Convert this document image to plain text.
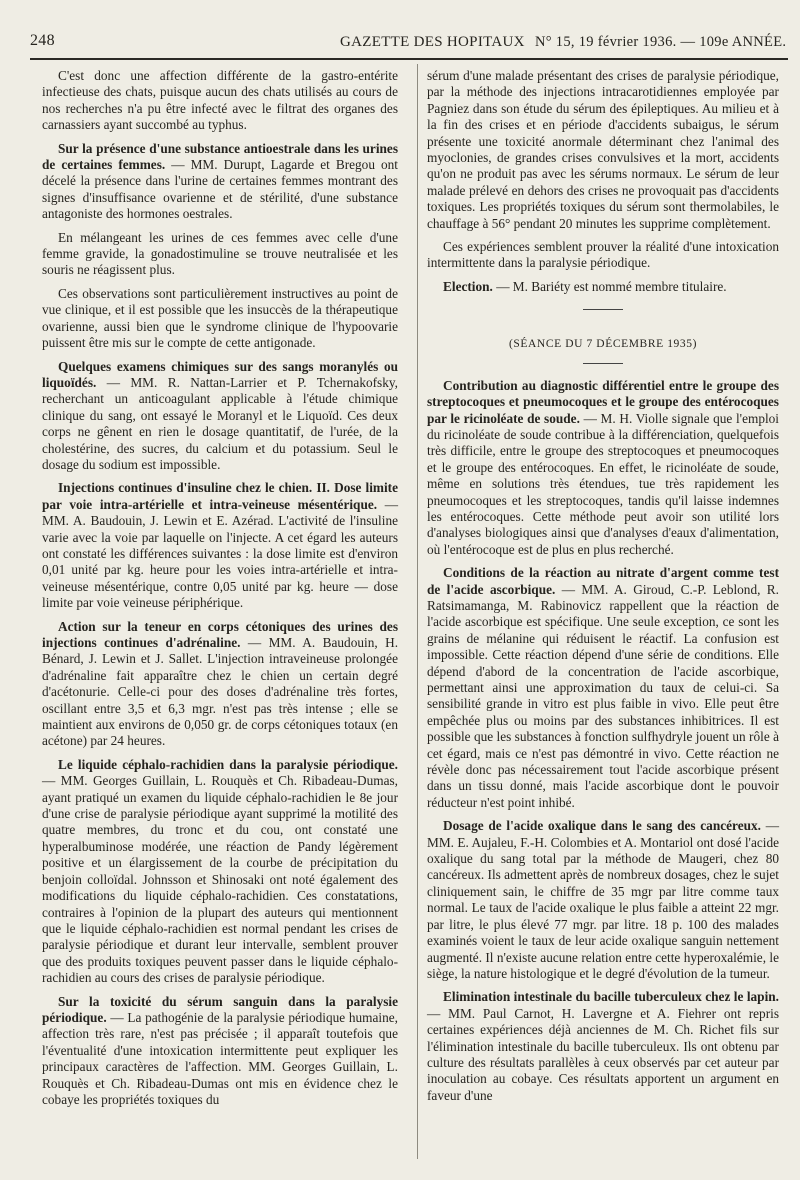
248	GAZETTE DES HOPITAUX N° 15, 19 février 1936. — 109e ANNÉE.

C'est donc une affection différente de la gastro-entérite infectieuse des chats, puisque aucun des chats utilisés au cours de nos recherches n'a pu être infecté avec le filtrat des organes des carnassiers ayant succombé au typhus.

Sur la présence d'une substance antioestrale dans les urines de certaines femmes. — MM. Durupt, Lagarde et Bregou ont décelé la présence dans l'urine de certaines femmes montrant des signes d'insuffisance ovarienne et de stérilité, d'une substance antagoniste des hormones oestrales.

En mélangeant les urines de ces femmes avec celle d'une femme gravide, la gonadostimuline se trouve neutralisée et les souris ne réagissent plus.

Ces observations sont particulièrement instructives au point de vue clinique, et il est possible que les insuccès de la thérapeutique ovarienne, aussi bien que le syndrome clinique de l'hypoovarie puissent être mis sur le compte de cette antigonade.

Quelques examens chimiques sur des sangs moranylés ou liquoïdés. — MM. R. Nattan-Larrier et P. Tchernakofsky, recherchant un anticoagulant applicable à l'étude chimique clinique du sang, ont essayé le Moranyl et le Liquoïd. Ces deux corps ne gênent en rien le dosage quantitatif, de l'urée, de la cholestérine, des sucres, du calcium et du potassium. Seul le dosage du sodium est impossible.

Injections continues d'insuline chez le chien. II. Dose limite par voie intra-artérielle et intra-veineuse mésentérique. — MM. A. Baudouin, J. Lewin et E. Azérad. L'activité de l'insuline varie avec la voie par laquelle on l'injecte. A cet égard les auteurs ont constaté les différences suivantes : la dose limite est d'environ 0,01 unité par kg. heure pour les voies intra-artérielle et intra-veineuse mésentérique, contre 0,05 unité par kg. heure — dose limite par voie veineuse périphérique.

Action sur la teneur en corps cétoniques des urines des injections continues d'adrénaline. — MM. A. Baudouin, H. Bénard, J. Lewin et J. Sallet. L'injection intraveineuse prolongée d'adrénaline fait apparaître chez le chien un certain degré d'acétonurie. Celle-ci pour des doses d'adrénaline très fortes, oscillant entre 3,5 et 6,3 mgr. n'est pas très intense ; elle se maintient aux environs de 0,050 gr. de corps cétoniques totaux (en acétone) par 24 heures.

Le liquide céphalo-rachidien dans la paralysie périodique. — MM. Georges Guillain, L. Rouquès et Ch. Ribadeau-Dumas, ayant pratiqué un examen du liquide céphalo-rachidien le 8e jour d'une crise de paralysie périodique ayant supprimé la motilité des quatre membres, du tronc et du cou, ont constaté une hyperalbuminose modérée, une réaction de Pandy légèrement positive et un élargissement de la courbe de précipitation du benjoin colloïdal. Johnsson et Shinosaki ont noté également des modifications du liquide céphalo-rachidien. Ces constatations, contraires à l'opinion de la plupart des auteurs qui mentionnent que le liquide céphalo-rachidien est normal pendant les crises de paralysie périodique et durant leur intervalle, semblent prouver que des produits toxiques peuvent passer dans le liquide céphalo-rachidien au cours des crises de paralysie périodique.

Sur la toxicité du sérum sanguin dans la paralysie périodique. — La pathogénie de la paralysie périodique humaine, affection très rare, n'est pas précisée ; il apparaît toutefois que l'éventualité d'une intoxication intermittente peut expliquer les principaux caractères de l'affection. MM. Georges Guillain, L. Rouquès et Ch. Ribadeau-Dumas ont mis en évidence chez le cobaye les propriétés toxiques du

sérum d'une malade présentant des crises de paralysie périodique, par la méthode des injections intracarotidiennes employée par Pagniez dans son étude du sérum des épileptiques. Au milieu et à la fin des crises et en période d'accidents subaigus, le sérum présente une toxicité anormale déterminant chez l'animal des myoclonies, de grandes crises convulsives et la mort, accidents qu'on ne produit pas avec les sérums normaux. Le sérum de leur malade prélevé en dehors des crises ne provoquait pas d'accidents toxiques. Les propriétés toxiques du sérum sont thermolabiles, le chauffage à 56° pendant 20 minutes les supprime complètement.

Ces expériences semblent prouver la réalité d'une intoxication intermittente dans la paralysie périodique.

Election. — M. Bariéty est nommé membre titulaire.

(SÉANCE DU 7 DÉCEMBRE 1935)

Contribution au diagnostic différentiel entre le groupe des streptocoques et pneumocoques et le groupe des entérocoques par le ricinoléate de soude. — M. H. Violle signale que l'emploi du ricinoléate de soude contribue à la différenciation, quelquefois très difficile, entre le groupe des streptocoques et pneumocoques et le groupe des entérocoques. En effet, le ricinoléate de soude, même en solutions très étendues, tue très rapidement les pneumocoques et les streptocoques, tandis qu'il laisse indemnes les entérocoques. Cette méthode peut avoir son utilité lors d'analyses biologiques ainsi que d'analyses d'eaux d'alimentation, où l'entérocoque est de plus en plus recherché.

Conditions de la réaction au nitrate d'argent comme test de l'acide ascorbique. — MM. A. Giroud, C.-P. Leblond, R. Ratsimamanga, M. Rabinovicz rappellent que la réaction de l'acide ascorbique est spécifique. Une seule exception, ce sont les grains de mélanine qui réduisent le réactif. La confusion est impossible. Cette réaction dépend d'une série de conditions. Elle dépend d'abord de la concentration de l'acide ascorbique, permettant ainsi une approximation du taux de celui-ci. Sa sensibilité grande in vitro est plus faible in vivo. Elle peut être empêchée plus ou moins par des substances inhibitrices. Il est possible que les substances à fonction sulfhydryle jouent un rôle à cet égard, mais ce n'est pas démontré in vivo. Cette réaction ne révèle donc pas nécessairement tout l'acide ascorbique présent dans un tissu donné, mais l'acide ascorbique dont le pouvoir réducteur n'est point inhibé.

Dosage de l'acide oxalique dans le sang des cancéreux. — MM. E. Aujaleu, F.-H. Colombies et A. Montariol ont dosé l'acide oxalique du sang total par la méthode de Maugeri, chez 80 cancéreux. Ils admettent après de nombreux dosages, chez le sujet cliniquement sain, le chiffre de 35 mgr par litre comme taux normal. Le taux de l'acide oxalique le plus faible a atteint 22 mgr. par litre, le plus élevé 77 mgr. par litre. 18 p. 100 des malades examinés voient le taux de leur acide oxalique sanguin nettement augmenté. Il n'existe aucune relation entre cette hyperoxalémie, le siège, la nature histologique et le degré d'évolution de la tumeur.

Elimination intestinale du bacille tuberculeux chez le lapin. — MM. Paul Carnot, H. Lavergne et A. Fiehrer ont repris certaines expériences déjà anciennes de M. Ch. Richet fils sur l'élimination intestinale du bacille tuberculeux. Ils ont obtenu par culture des résultats parallèles à ceux observés par cet auteur par inoculation au cobaye. Ces résultats apportent un argument en faveur d'une
